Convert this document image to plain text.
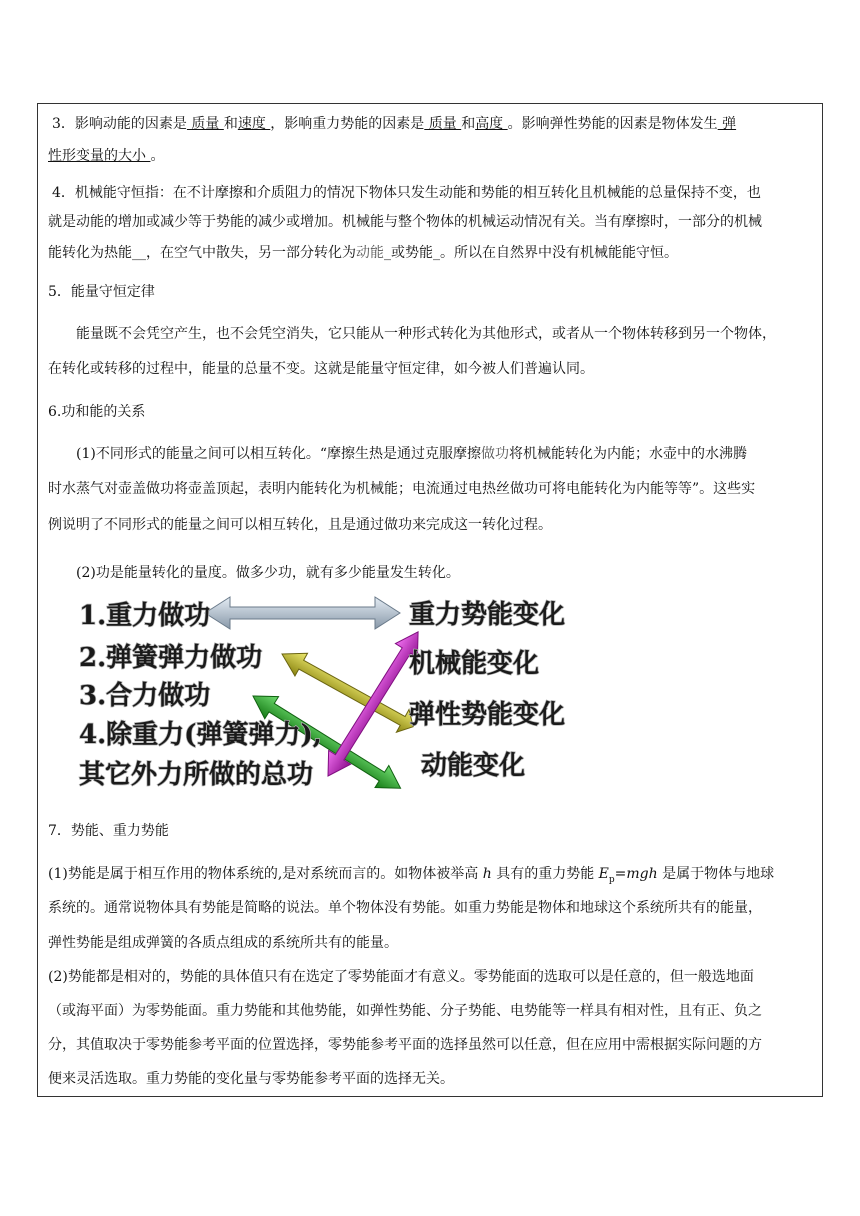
3．影响动能的因素是 质量 和速度 ，影响重力势能的因素是 质量 和高度 。影响弹性势能的因素是物体发生 弹

性形变量的大小 。

4．机械能守恒指：在不计摩擦和介质阻力的情况下物体只发生动能和势能的相互转化且机械能的总量保持不变，也

就是动能的增加或减少等于势能的减少或增加。机械能与整个物体的机械运动情况有关。当有摩擦时，一部分的机械

能转化为热能__，在空气中散失，另一部分转化为动能_或势能_。所以在自然界中没有机械能能守恒。

5．能量守恒定律

能量既不会凭空产生，也不会凭空消失，它只能从一种形式转化为其他形式，或者从一个物体转移到另一个物体，

在转化或转移的过程中，能量的总量不变。这就是能量守恒定律，如今被人们普遍认同。

6.功和能的关系

(1)不同形式的能量之间可以相互转化。“摩擦生热是通过克服摩擦做功将机械能转化为内能；水壶中的水沸腾

时水蒸气对壶盖做功将壶盖顶起，表明内能转化为机械能；电流通过电热丝做功可将电能转化为内能等等”。这些实

例说明了不同形式的能量之间可以相互转化，且是通过做功来完成这一转化过程。

(2)功是能量转化的量度。做多少功，就有多少能量发生转化。

1.重力做功
2.弹簧弹力做功
3.合力做功
4.除重力(弹簧弹力),
其它外力所做的总功
重力势能变化
机械能变化
弹性势能变化
动能变化

7．势能、重力势能

(1)势能是属于相互作用的物体系统的,是对系统而言的。如物体被举高 h 具有的重力势能 $E_p=mgh$ 是属于物体与地球

系统的。通常说物体具有势能是简略的说法。单个物体没有势能。如重力势能是物体和地球这个系统所共有的能量，

弹性势能是组成弹簧的各质点组成的系统所共有的能量。

(2)势能都是相对的，势能的具体值只有在选定了零势能面才有意义。零势能面的选取可以是任意的，但一般选地面

（或海平面）为零势能面。重力势能和其他势能，如弹性势能、分子势能、电势能等一样具有相对性，且有正、负之

分，其值取决于零势能参考平面的位置选择，零势能参考平面的选择虽然可以任意，但在应用中需根据实际问题的方

便来灵活选取。重力势能的变化量与零势能参考平面的选择无关。
